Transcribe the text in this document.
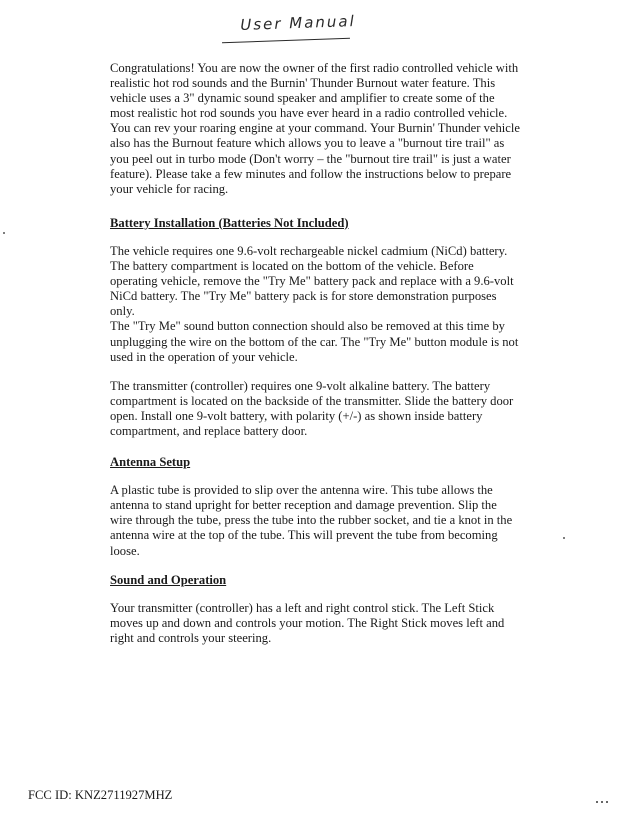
User Manual

Congratulations! You are now the owner of the first radio controlled vehicle with realistic hot rod sounds and the Burnin' Thunder Burnout water feature. This vehicle uses a 3" dynamic sound speaker and amplifier to create some of the most realistic hot rod sounds you have ever heard in a radio controlled vehicle. You can rev your roaring engine at your command. Your Burnin' Thunder vehicle also has the Burnout feature which allows you to leave a "burnout tire trail" as you peel out in turbo mode (Don't worry – the "burnout tire trail" is just a water feature). Please take a few minutes and follow the instructions below to prepare your vehicle for racing.

Battery Installation (Batteries Not Included)

The vehicle requires one 9.6-volt rechargeable nickel cadmium (NiCd) battery. The battery compartment is located on the bottom of the vehicle. Before operating vehicle, remove the "Try Me" battery pack and replace with a 9.6-volt NiCd battery. The "Try Me" battery pack is for store demonstration purposes only.

The "Try Me" sound button connection should also be removed at this time by unplugging the wire on the bottom of the car. The "Try Me" button module is not used in the operation of your vehicle.

The transmitter (controller) requires one 9-volt alkaline battery. The battery compartment is located on the backside of the transmitter. Slide the battery door open. Install one 9-volt battery, with polarity (+/-) as shown inside battery compartment, and replace battery door.

Antenna Setup

A plastic tube is provided to slip over the antenna wire. This tube allows the antenna to stand upright for better reception and damage prevention. Slip the wire through the tube, press the tube into the rubber socket, and tie a knot in the antenna wire at the top of the tube. This will prevent the tube from becoming loose.

Sound and Operation

Your transmitter (controller) has a left and right control stick. The Left Stick moves up and down and controls your motion. The Right Stick moves left and right and controls your steering.

FCC ID: KNZ2711927MHZ
